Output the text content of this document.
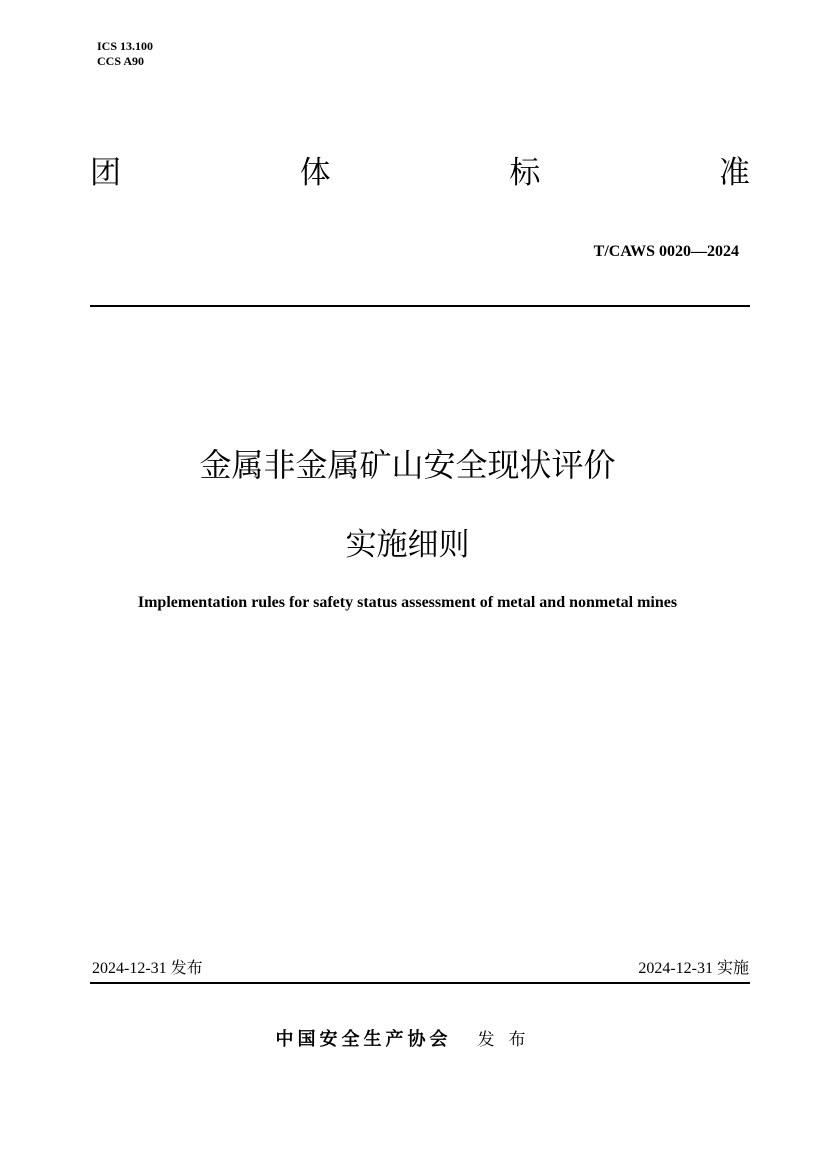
ICS 13.100
CCS A90
团	体	标	准
T/CAWS 0020—2024
金属非金属矿山安全现状评价
实施细则
Implementation rules for safety status assessment of metal and nonmetal mines
2024-12-31 发布	2024-12-31 实施
中国安全生产协会 发布
